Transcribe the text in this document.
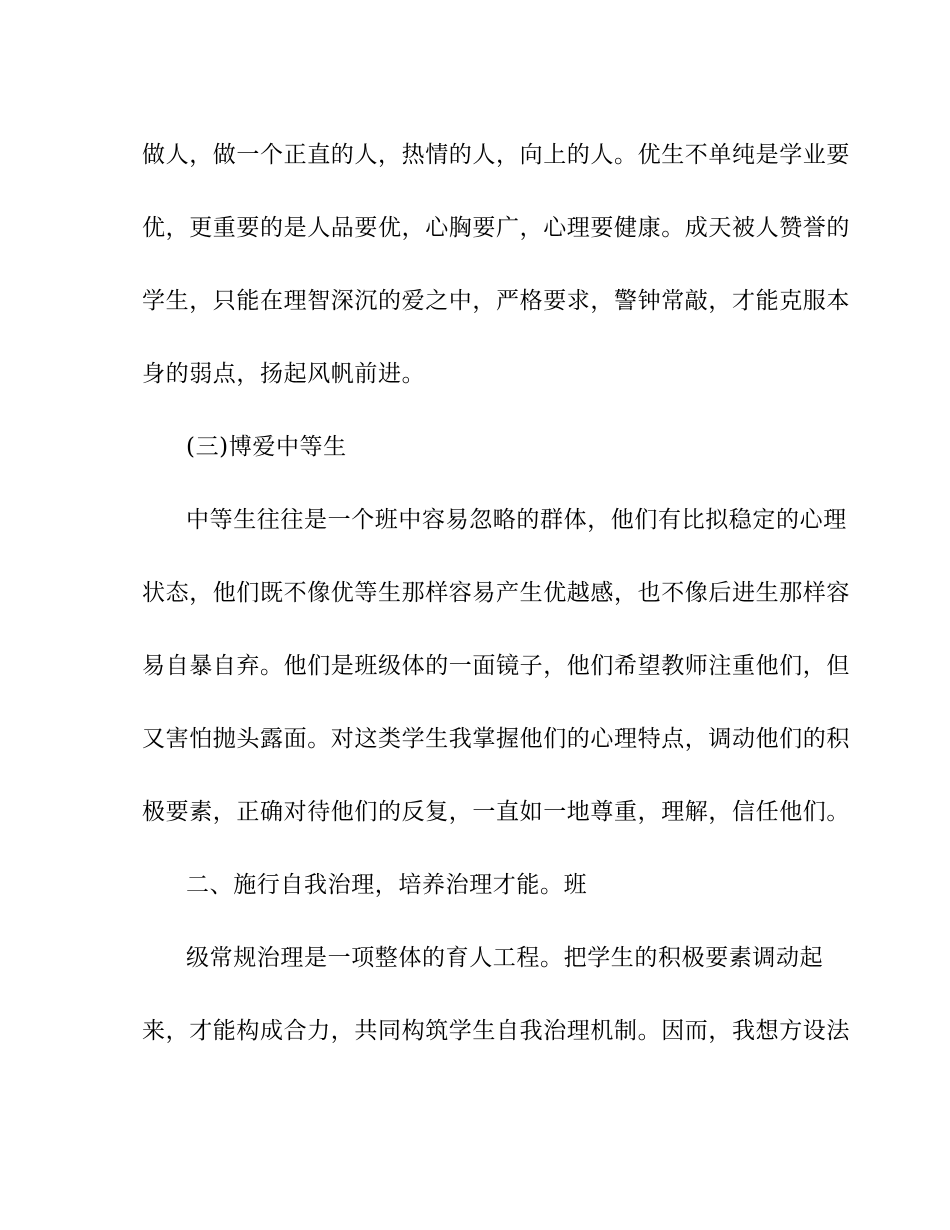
做人，做一个正直的人，热情的人，向上的人。优生不单纯是学业要
优，更重要的是人品要优，心胸要广，心理要健康。成天被人赞誉的
学生，只能在理智深沉的爱之中，严格要求，警钟常敲，才能克服本
身的弱点，扬起风帆前进。
(三)博爱中等生
中等生往往是一个班中容易忽略的群体，他们有比拟稳定的心理
状态，他们既不像优等生那样容易产生优越感，也不像后进生那样容
易自暴自弃。他们是班级体的一面镜子，他们希望教师注重他们，但
又害怕抛头露面。对这类学生我掌握他们的心理特点，调动他们的积
极要素，正确对待他们的反复，一直如一地尊重，理解，信任他们。
二、施行自我治理，培养治理才能。班
级常规治理是一项整体的育人工程。把学生的积极要素调动起
来，才能构成合力，共同构筑学生自我治理机制。因而，我想方设法
